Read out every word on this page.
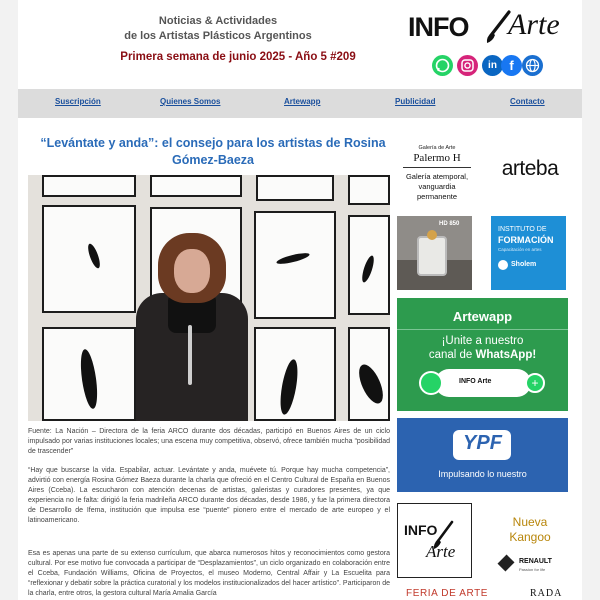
Noticias & Actividades
de los Artistas Plásticos Argentinos
Primera semana de junio 2025 - Año 5 #209
INFO Arte
in f
Suscripción	Quienes Somos	Artewapp	Publicidad	Contacto
“Levántate y anda”: el consejo para los artistas de Rosina Gómez-Baeza
Fuente: La Nación – Directora de la feria ARCO durante dos décadas, participó en Buenos Aires de un ciclo impulsado por varias instituciones locales; una escena muy competitiva, observó, ofrece también mucha “posibilidad de trascender”
“Hay que buscarse la vida. Espabilar, actuar. Levántate y anda, muévete tú. Porque hay mucha competencia”, advirtió con energía Rosina Gómez Baeza durante la charla que ofreció en el Centro Cultural de España en Buenos Aires (Cceba). La escucharon con atención decenas de artistas, galeristas y curadores presentes, ya que experiencia no le falta: dirigió la feria madrileña ARCO durante dos décadas, desde 1986, y fue la primera directora de Desarrollo de Ifema, institución que impulsa ese “puente” pionero entre el mercado de arte europeo y el latinoamericano.
Esa es apenas una parte de su extenso currículum, que abarca numerosos hitos y reconocimientos como gestora cultural. Por ese motivo fue convocada a participar de “Desplazamientos”, un ciclo organizado en colaboración entre el Cceba, Fundación Williams, Oficina de Proyectos, el museo Moderno, Central Affair y La Escuelita para “reflexionar y debatir sobre la práctica curatorial y los modelos institucionalizados del hacer artístico”. Participaron de la charla, entre otros, la gestora cultural María Amalia García
Galería de Arte
Palermo H
Galería atemporal,
vanguardia
permanente
arteba
HD 850
INSTITUTO DE
FORMACIÓN
Capacitación en artes
Sholem
Artewapp
¡Unite a nuestro
canal de WhatsApp!
INFO Arte	+
YPF
Impulsando lo nuestro
INFO
Arte
Nueva
Kangoo
RENAULT
Passion for life
FERIA DE ARTE	RADA
